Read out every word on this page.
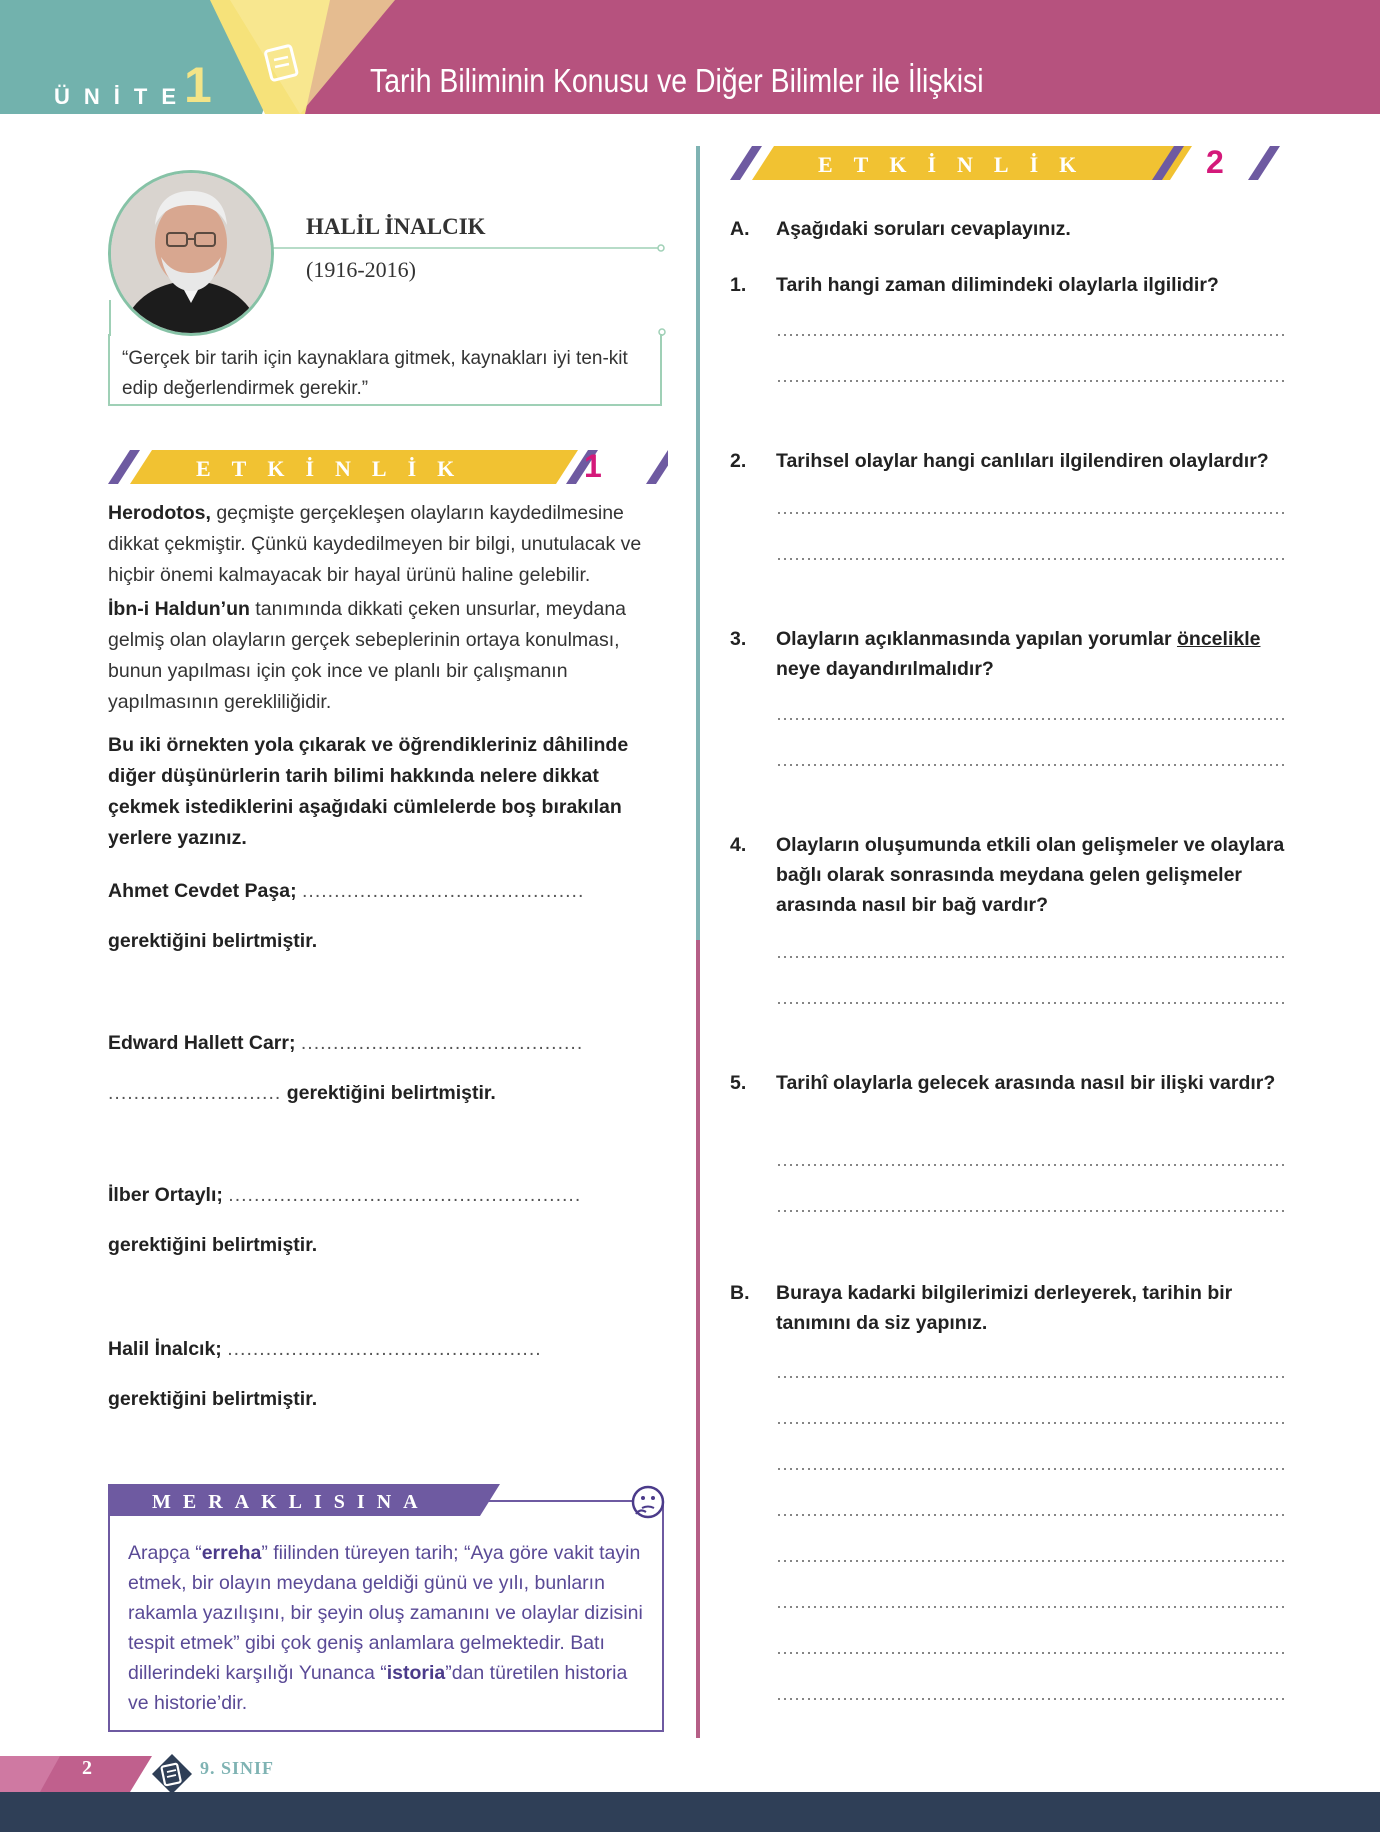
ÜNİTE
1	Tarih Biliminin Konusu ve Diğer Bilimler ile İlişkisi
HALİL İNALCIK
(1916-2016)
“Gerçek bir tarih için kaynaklara gitmek, kaynakları iyi ten-kit edip değerlendirmek gerekir.”
ETKİNLİK	1
Herodotos, geçmişte gerçekleşen olayların kaydedilmesine dikkat çekmiştir. Çünkü kaydedilmeyen bir bilgi, unutulacak ve hiçbir önemi kalmayacak bir hayal ürünü haline gelebilir.
İbn-i Haldun’un tanımında dikkati çeken unsurlar, meydana gelmiş olan olayların gerçek sebeplerinin ortaya konulması, bunun yapılması için çok ince ve planlı bir çalışmanın yapılmasının gerekliliğidir.
Bu iki örnekten yola çıkarak ve öğrendikleriniz dâhilinde diğer düşünürlerin tarih bilimi hakkında nelere dikkat çekmek istediklerini aşağıdaki cümlelerde boş bırakılan yerlere yazınız.
Ahmet Cevdet Paşa; ............................................
gerektiğini belirtmiştir.
Edward Hallett Carr; ............................................
........................... gerektiğini belirtmiştir.
İlber Ortaylı; .......................................................
gerektiğini belirtmiştir.
Halil İnalcık; .................................................
gerektiğini belirtmiştir.
MERAKLISINA
Arapça “erreha” fiilinden türeyen tarih; “Aya göre vakit tayin etmek, bir olayın meydana geldiği günü ve yılı, bunların rakamla yazılışını, bir şeyin oluş zamanını ve olaylar dizisini tespit etmek” gibi çok geniş anlamlara gelmektedir. Batı dillerindeki karşılığı Yunanca “istoria”dan türetilen historia ve historie’dir.
ETKİNLİK	2
A. Aşağıdaki soruları cevaplayınız.
1. Tarih hangi zaman dilimindeki olaylarla ilgilidir?
2. Tarihsel olaylar hangi canlıları ilgilendiren olaylardır?
3. Olayların açıklanmasında yapılan yorumlar öncelikle neye dayandırılmalıdır?
4. Olayların oluşumunda etkili olan gelişmeler ve olaylara bağlı olarak sonrasında meydana gelen gelişmeler arasında nasıl bir bağ vardır?
5. Tarihî olaylarla gelecek arasında nasıl bir ilişki vardır?
B. Buraya kadarki bilgilerimizi derleyerek, tarihin bir tanımını da siz yapınız.
2	9. SINIF
